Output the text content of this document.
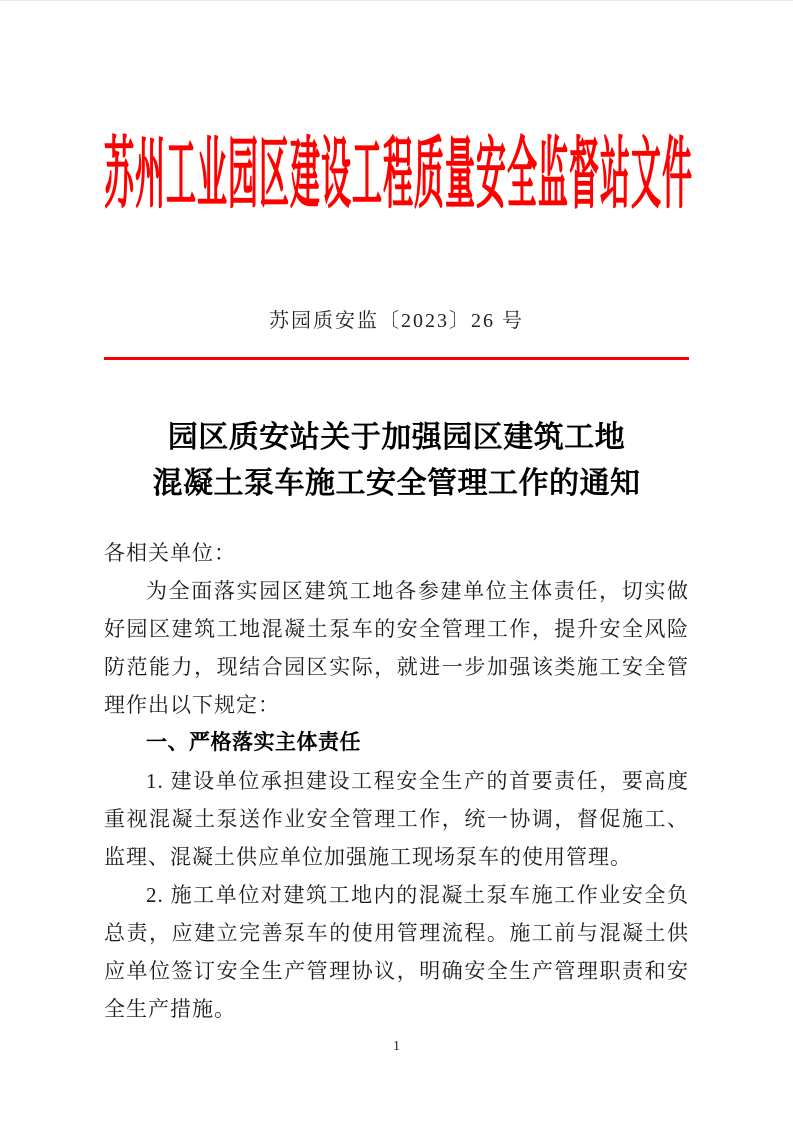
苏州工业园区建设工程质量安全监督站文件
苏园质安监〔2023〕26 号
园区质安站关于加强园区建筑工地
混凝土泵车施工安全管理工作的通知

各相关单位：

为全面落实园区建筑工地各参建单位主体责任，切实做好园区建筑工地混凝土泵车的安全管理工作，提升安全风险防范能力，现结合园区实际，就进一步加强该类施工安全管理作出以下规定：

一、严格落实主体责任

1. 建设单位承担建设工程安全生产的首要责任，要高度重视混凝土泵送作业安全管理工作，统一协调，督促施工、监理、混凝土供应单位加强施工现场泵车的使用管理。

2. 施工单位对建筑工地内的混凝土泵车施工作业安全负总责，应建立完善泵车的使用管理流程。施工前与混凝土供应单位签订安全生产管理协议，明确安全生产管理职责和安全生产措施。

1
